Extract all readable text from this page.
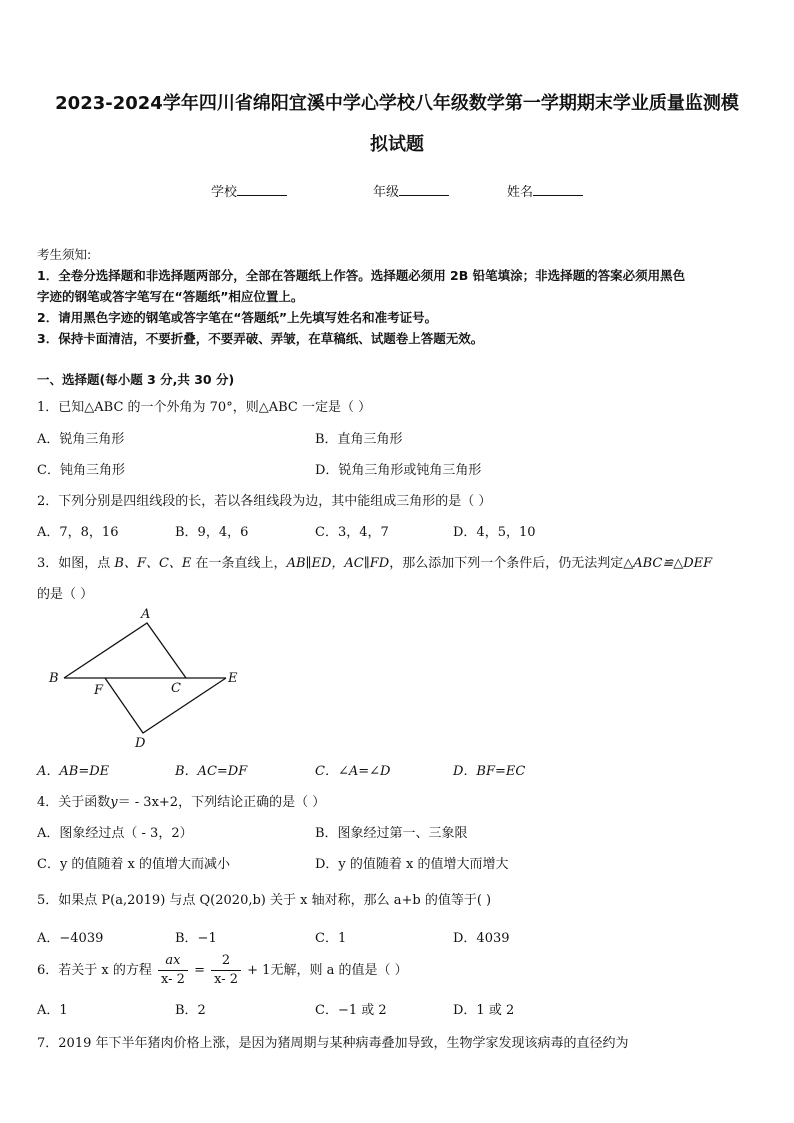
2023-2024学年四川省绵阳宜溪中学心学校八年级数学第一学期期末学业质量监测模
拟试题
学校	年级	姓名
考生须知:
1．全卷分选择题和非选择题两部分，全部在答题纸上作答。选择题必须用 2B 铅笔填涂；非选择题的答案必须用黑色
字迹的钢笔或答字笔写在“答题纸”相应位置上。
2．请用黑色字迹的钢笔或答字笔在“答题纸”上先填写姓名和准考证号。
3．保持卡面清洁，不要折叠，不要弄破、弄皱，在草稿纸、试题卷上答题无效。
一、选择题(每小题 3 分,共 30 分)
1．已知△ABC 的一个外角为 70°，则△ABC 一定是（ ）
A．锐角三角形	B．直角三角形
C．钝角三角形	D．锐角三角形或钝角三角形
2．下列分别是四组线段的长，若以各组线段为边，其中能组成三角形的是（ ）
A．7，8，16	B．9，4，6	C．3，4，7	D．4，5，10
3．如图，点 B、F、C、E 在一条直线上，AB∥ED，AC∥FD，那么添加下列一个条件后，仍无法判定△ABC≌△DEF
的是（ ）
A
B
F	C
E
D
A．AB=DE	B．AC=DF	C．∠A=∠D	D．BF=EC
4．关于函数y＝ - 3x+2，下列结论正确的是（ ）
A．图象经过点（ - 3，2）	B．图象经过第一、三象限
C．y 的值随着 x 的值增大而减小	D．y 的值随着 x 的值增大而增大
5．如果点 P(a,2019) 与点 Q(2020,b) 关于 x 轴对称，那么 a+b 的值等于( )
A．−4039	B．−1	C．1	D．4039
6．若关于 x 的方程 $\frac{ax}{x- 2} = \frac{2}{x- 2} + 1$无解，则 a 的值是（ ）
A．1	B．2	C．−1 或 2	D．1 或 2
7．2019 年下半年猪肉价格上涨，是因为猪周期与某种病毒叠加导致，生物学家发现该病毒的直径约为
